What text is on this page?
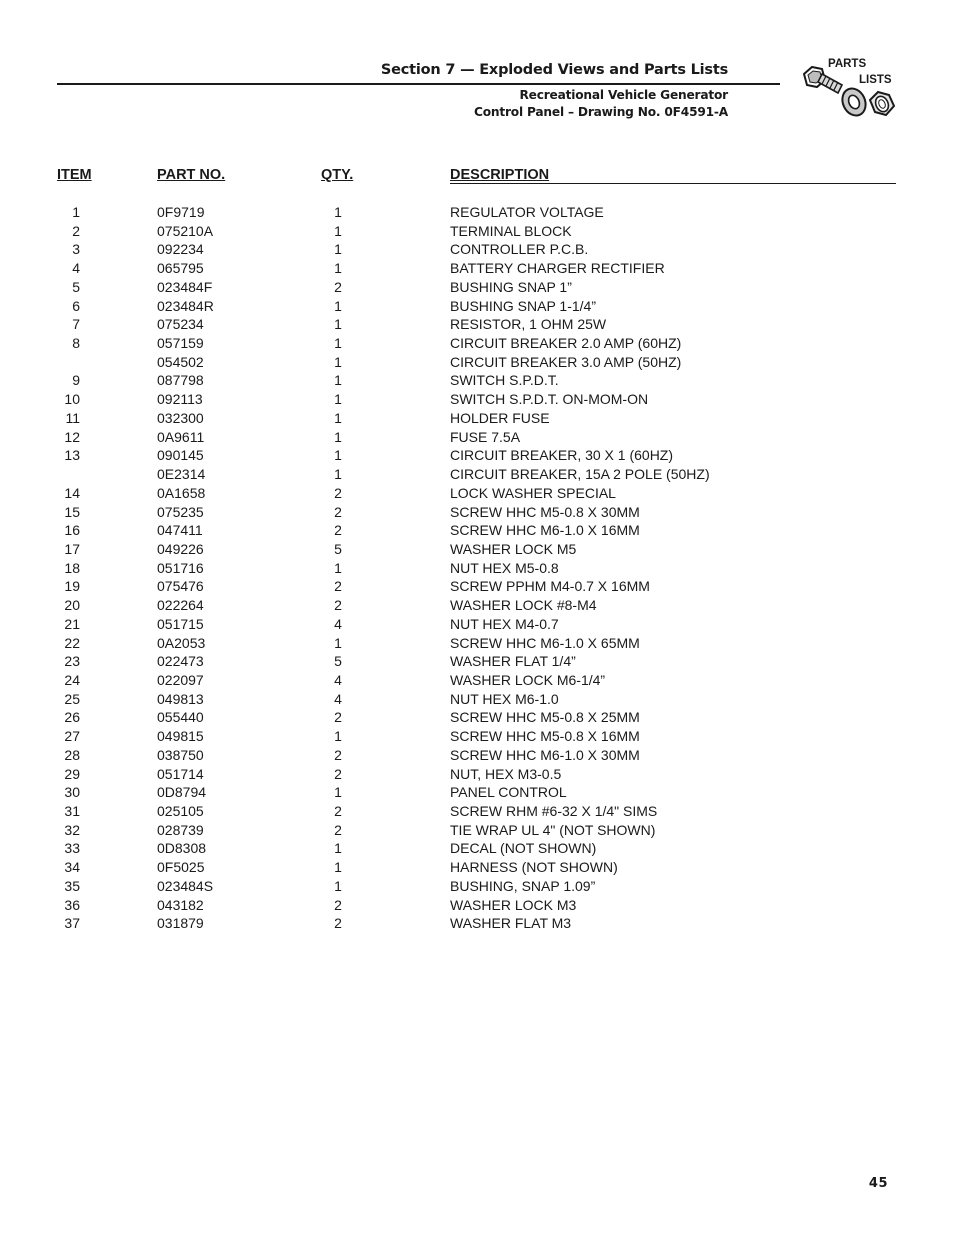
Section 7 — Exploded Views and Parts Lists
Recreational Vehicle Generator
Control Panel – Drawing No. 0F4591-A
PARTS
LISTS
ITEM	PART NO.	QTY.	DESCRIPTION
1	0F9719	1	REGULATOR VOLTAGE
2	075210A	1	TERMINAL BLOCK
3	092234	1	CONTROLLER P.C.B.
4	065795	1	BATTERY CHARGER RECTIFIER
5	023484F	2	BUSHING SNAP 1”
6	023484R	1	BUSHING SNAP 1-1/4”
7	075234	1	RESISTOR, 1 OHM 25W
8	057159	1	CIRCUIT BREAKER 2.0 AMP (60HZ)
054502	1	CIRCUIT BREAKER 3.0 AMP (50HZ)
9	087798	1	SWITCH S.P.D.T.
10	092113	1	SWITCH S.P.D.T. ON-MOM-ON
11	032300	1	HOLDER FUSE
12	0A9611	1	FUSE 7.5A
13	090145	1	CIRCUIT BREAKER, 30 X 1 (60HZ)
0E2314	1	CIRCUIT BREAKER, 15A 2 POLE (50HZ)
14	0A1658	2	LOCK WASHER SPECIAL
15	075235	2	SCREW HHC M5-0.8 X 30MM
16	047411	2	SCREW HHC M6-1.0 X 16MM
17	049226	5	WASHER LOCK M5
18	051716	1	NUT HEX M5-0.8
19	075476	2	SCREW PPHM M4-0.7 X 16MM
20	022264	2	WASHER LOCK #8-M4
21	051715	4	NUT HEX M4-0.7
22	0A2053	1	SCREW HHC M6-1.0 X 65MM
23	022473	5	WASHER FLAT 1/4”
24	022097	4	WASHER LOCK M6-1/4”
25	049813	4	NUT HEX M6-1.0
26	055440	2	SCREW HHC M5-0.8 X 25MM
27	049815	1	SCREW HHC M5-0.8 X 16MM
28	038750	2	SCREW HHC M6-1.0 X 30MM
29	051714	2	NUT, HEX M3-0.5
30	0D8794	1	PANEL CONTROL
31	025105	2	SCREW RHM #6-32 X 1/4" SIMS
32	028739	2	TIE WRAP UL 4" (NOT SHOWN)
33	0D8308	1	DECAL (NOT SHOWN)
34	0F5025	1	HARNESS (NOT SHOWN)
35	023484S	1	BUSHING, SNAP 1.09”
36	043182	2	WASHER LOCK M3
37	031879	2	WASHER FLAT M3
45
